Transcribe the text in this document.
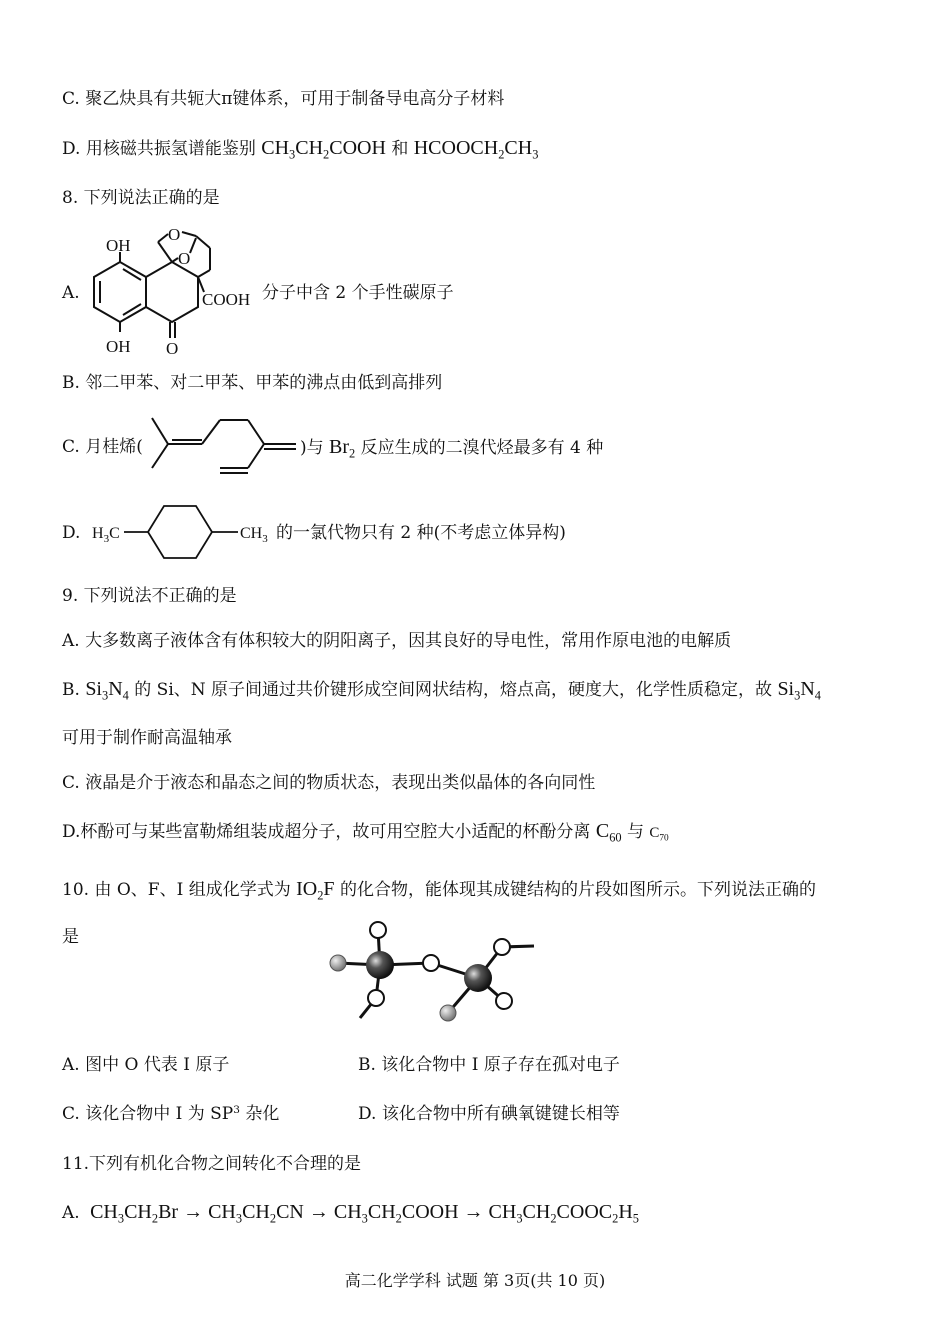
C. 聚乙炔具有共轭大π键体系，可用于制备导电高分子材料
D. 用核磁共振氢谱能鉴别 $CH_3CH_2COOH$ 和 $HCOOCH_2CH_3$
8. 下列说法正确的是
A.
OH
OH O
O
O
COOH 分子中含 2 个手性碳原子
B. 邻二甲苯、对二甲苯、甲苯的沸点由低到高排列
C. 月桂烯(	)与 $Br_2$ 反应生成的二溴代烃最多有 4 种
D. $H_3C$	$CH_3$ 的一氯代物只有 2 种(不考虑立体异构)
9. 下列说法不正确的是
A. 大多数离子液体含有体积较大的阴阳离子，因其良好的导电性，常用作原电池的电解质
B. $Si_3N_4$ 的 Si、N 原子间通过共价键形成空间网状结构，熔点高，硬度大，化学性质稳定，故 $Si_3N_4$
可用于制作耐高温轴承
C. 液晶是介于液态和晶态之间的物质状态，表现出类似晶体的各向同性
D.杯酚可与某些富勒烯组装成超分子，故可用空腔大小适配的杯酚分离 $C_{60}$ 与 $C_{70}$
10. 由 O、F、I 组成化学式为 $IO_2F$ 的化合物，能体现其成键结构的片段如图所示。下列说法正确的
是
A. 图中 O 代表 I 原子	B. 该化合物中 I 原子存在孤对电子
C. 该化合物中 I 为 $SP^3$ 杂化	D. 该化合物中所有碘氧键键长相等
11.下列有机化合物之间转化不合理的是
A.  $CH_3CH_2Br \to CH_3CH_2CN$ → $CH_3CH_2COOH$ → $CH_3CH_2COOC_2H_5$
高二化学学科 试题 第 3页(共 10 页)
